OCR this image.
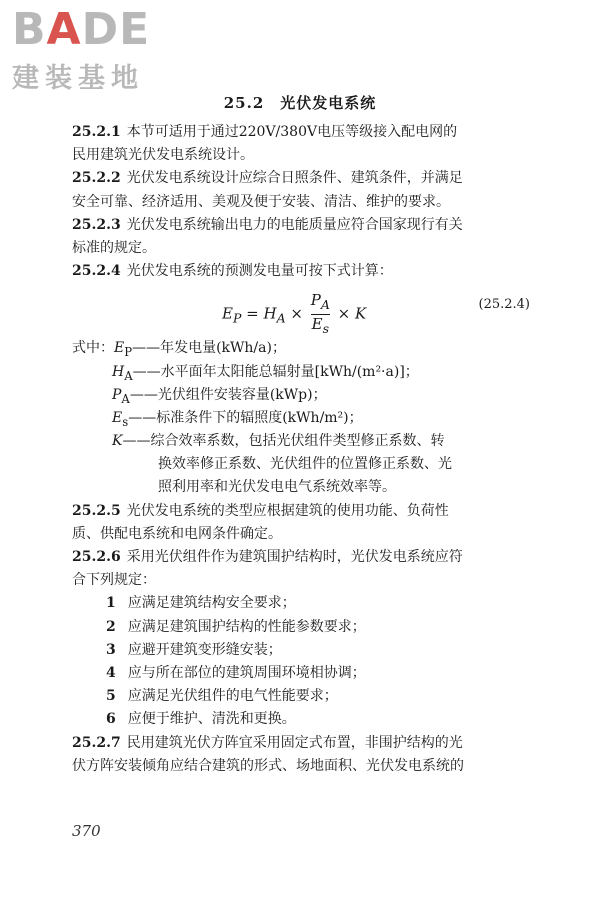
BADE
建装基地
25.2　光伏发电系统
25.2.1 本节可适用于通过220V/380V电压等级接入配电网的
民用建筑光伏发电系统设计。
25.2.2 光伏发电系统设计应综合日照条件、建筑条件，并满足
安全可靠、经济适用、美观及便于安装、清洁、维护的要求。
25.2.3 光伏发电系统输出电力的电能质量应符合国家现行有关
标准的规定。
25.2.4 光伏发电系统的预测发电量可按下式计算：
$E_P = H_A \times \frac{P_A}{E_s} \times K$	(25.2.4)
式中：$E_P——$年发电量(kWh/a)；
$H_A——$水平面年太阳能总辐射量[kWh/(m²·a)]；
$P_A——$光伏组件安装容量(kWp)；
$E_s——$标准条件下的辐照度(kWh/m²)；
K——综合效率系数，包括光伏组件类型修正系数、转
换效率修正系数、光伏组件的位置修正系数、光
照利用率和光伏发电电气系统效率等。
25.2.5 光伏发电系统的类型应根据建筑的使用功能、负荷性
质、供配电系统和电网条件确定。
25.2.6 采用光伏组件作为建筑围护结构时，光伏发电系统应符
合下列规定：
1 应满足建筑结构安全要求；
2 应满足建筑围护结构的性能参数要求；
3 应避开建筑变形缝安装；
4 应与所在部位的建筑周围环境相协调；
5 应满足光伏组件的电气性能要求；
6 应便于维护、清洗和更换。
25.2.7 民用建筑光伏方阵宜采用固定式布置，非围护结构的光
伏方阵安装倾角应结合建筑的形式、场地面积、光伏发电系统的
370
